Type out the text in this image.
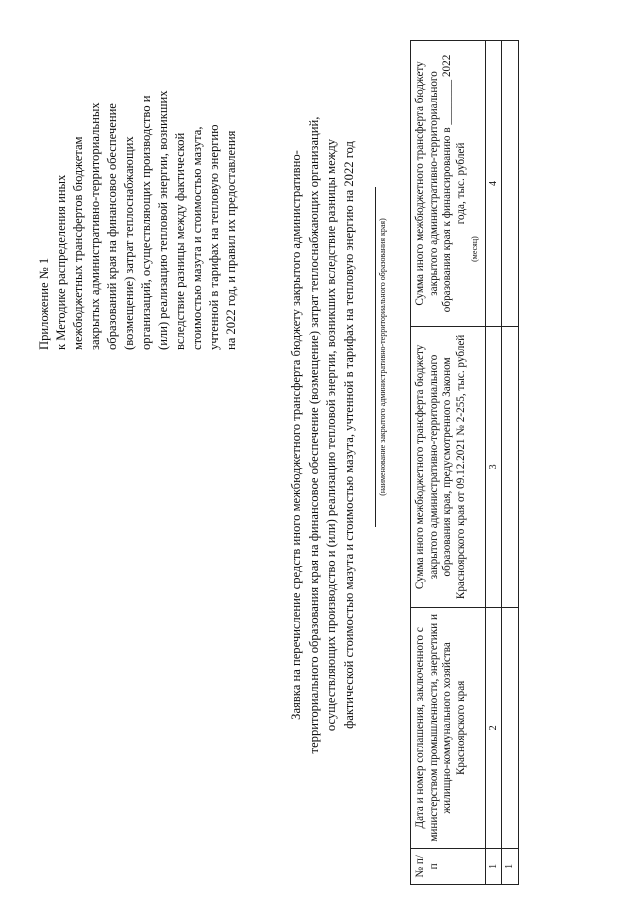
Приложение № 1 к Методике распределения иных межбюджетных трансфертов бюджетам закрытых административно-территориальных образований края на финансовое обеспечение (возмещение) затрат теплоснабжающих организаций, осуществляющих производство и (или) реализацию тепловой энергии, возникших вследствие разницы между фактической стоимостью мазута и стоимостью мазута, учтенной в тарифах на тепловую энергию на 2022 год, и правил их предоставления	Заявка на перечисление средств иного межбюджетного трансферта бюджету закрытого административно- территориального образования края на финансовое обеспечение (возмещение) затрат теплоснабжающих организаций, осуществляющих производство и (или) реализацию тепловой энергии, возникших вследствие разницы между фактической стоимостью мазута и стоимостью мазута, учтенной в тарифах на тепловую энергию на 2022 год	(наименование закрытого административно-территориального образования края)
№ п/п	Дата и номер соглашения, заключенного с министерством промышленности, энергетики и жилищно-коммунального хозяйства Красноярского края	Сумма иного межбюджетного трансферта бюджету закрытого административно-территориального образования края, предусмотренного Законом Красноярского края от 09.12.2021 № 2-255, тыс. рублей	Сумма иного межбюджетного трансферта бюджету закрытого административно-территориального образования края к финансированию в ________ 2022 года, тыс. рублей
(месяц)

1	2	3	4
1			
